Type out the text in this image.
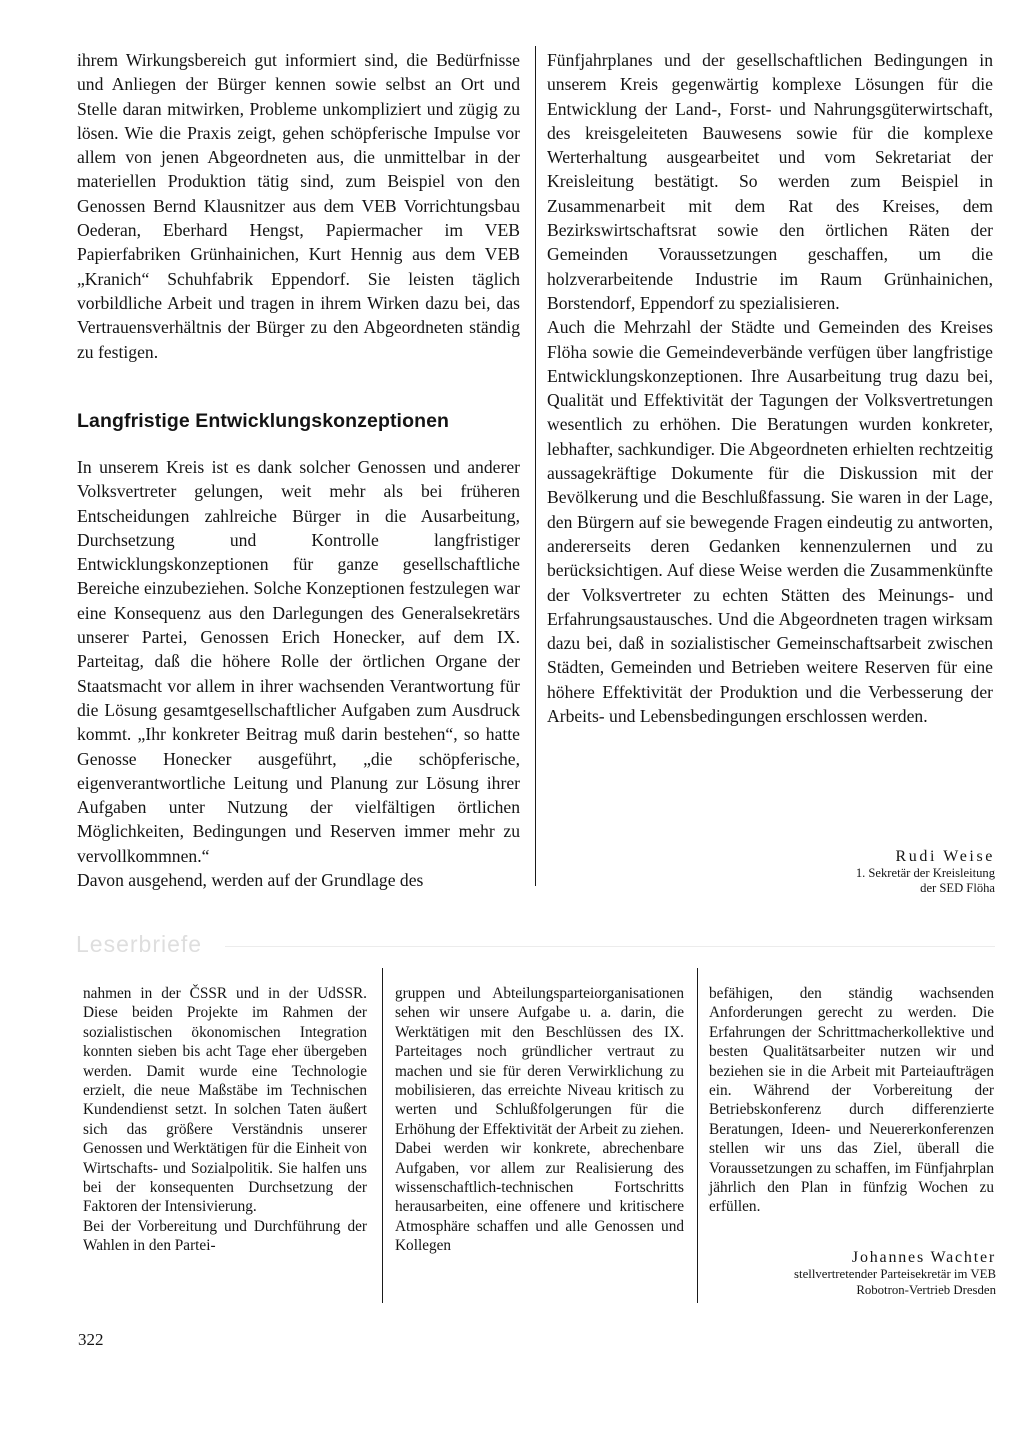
ihrem Wirkungsbereich gut informiert sind, die Bedürfnisse und Anliegen der Bürger kennen sowie selbst an Ort und Stelle daran mitwirken, Probleme unkompliziert und zügig zu lösen. Wie die Praxis zeigt, gehen schöpferische Impulse vor allem von jenen Abgeordneten aus, die unmittelbar in der materiellen Produktion tätig sind, zum Beispiel von den Genossen Bernd Klausnitzer aus dem VEB Vorrichtungsbau Oederan, Eberhard Hengst, Papiermacher im VEB Papierfabriken Grünhainichen, Kurt Hennig aus dem VEB „Kranich“ Schuhfabrik Eppendorf. Sie leisten täglich vorbildliche Arbeit und tragen in ihrem Wirken dazu bei, das Vertrauensverhältnis der Bürger zu den Abgeordneten ständig zu festigen.

Langfristige Entwicklungskonzeptionen

In unserem Kreis ist es dank solcher Genossen und anderer Volksvertreter gelungen, weit mehr als bei früheren Entscheidungen zahlreiche Bürger in die Ausarbeitung, Durchsetzung und Kontrolle langfristiger Entwicklungskonzeptionen für ganze gesellschaftliche Bereiche einzubeziehen. Solche Konzeptionen festzulegen war eine Konsequenz aus den Darlegungen des Generalsekretärs unserer Partei, Genossen Erich Honecker, auf dem IX. Parteitag, daß die höhere Rolle der örtlichen Organe der Staatsmacht vor allem in ihrer wachsenden Verantwortung für die Lösung gesamtgesellschaftlicher Aufgaben zum Ausdruck kommt. „Ihr konkreter Beitrag muß darin bestehen“, so hatte Genosse Honecker ausgeführt, „die schöpferische, eigenverantwortliche Leitung und Planung zur Lösung ihrer Aufgaben unter Nutzung der vielfältigen örtlichen Möglichkeiten, Bedingungen und Reserven immer mehr zu vervollkommnen.“

Davon ausgehend, werden auf der Grundlage des

Fünfjahrplanes und der gesellschaftlichen Bedingungen in unserem Kreis gegenwärtig komplexe Lösungen für die Entwicklung der Land-, Forst- und Nahrungsgüterwirtschaft, des kreisgeleiteten Bauwesens sowie für die komplexe Werterhaltung ausgearbeitet und vom Sekretariat der Kreisleitung bestätigt. So werden zum Beispiel in Zusammenarbeit mit dem Rat des Kreises, dem Bezirkswirtschaftsrat sowie den örtlichen Räten der Gemeinden Voraussetzungen geschaffen, um die holzverarbeitende Industrie im Raum Grünhainichen, Borstendorf, Eppendorf zu spezialisieren.

Auch die Mehrzahl der Städte und Gemeinden des Kreises Flöha sowie die Gemeindeverbände verfügen über langfristige Entwicklungskonzeptionen. Ihre Ausarbeitung trug dazu bei, Qualität und Effektivität der Tagungen der Volksvertretungen wesentlich zu erhöhen. Die Beratungen wurden konkreter, lebhafter, sachkundiger. Die Abgeordneten erhielten rechtzeitig aussagekräftige Dokumente für die Diskussion mit der Bevölkerung und die Beschlußfassung. Sie waren in der Lage, den Bürgern auf sie bewegende Fragen eindeutig zu antworten, andererseits deren Gedanken kennenzulernen und zu berücksichtigen. Auf diese Weise werden die Zusammenkünfte der Volksvertreter zu echten Stätten des Meinungs- und Erfahrungsaustausches. Und die Abgeordneten tragen wirksam dazu bei, daß in sozialistischer Gemeinschaftsarbeit zwischen Städten, Gemeinden und Betrieben weitere Reserven für eine höhere Effektivität der Produktion und die Verbesserung der Arbeits- und Lebensbedingungen erschlossen werden.

Rudi Weise

1. Sekretär der Kreisleitung

der SED Flöha

Leserbriefe

nahmen in der ČSSR und in der UdSSR. Diese beiden Projekte im Rahmen der sozialistischen ökonomischen Integration konnten sieben bis acht Tage eher übergeben werden. Damit wurde eine Technologie erzielt, die neue Maßstäbe im Technischen Kundendienst setzt. In solchen Taten äußert sich das größere Verständnis unserer Genossen und Werktätigen für die Einheit von Wirtschafts- und Sozialpolitik. Sie halfen uns bei der konsequenten Durchsetzung der Faktoren der Intensivierung.

Bei der Vorbereitung und Durchführung der Wahlen in den Partei-

gruppen und Abteilungsparteiorganisationen sehen wir unsere Aufgabe u. a. darin, die Werktätigen mit den Beschlüssen des IX. Parteitages noch gründlicher vertraut zu machen und sie für deren Verwirklichung zu mobilisieren, das erreichte Niveau kritisch zu werten und Schlußfolgerungen für die Erhöhung der Effektivität der Arbeit zu ziehen. Dabei werden wir konkrete, abrechenbare Aufgaben, vor allem zur Realisierung des wissenschaftlich-technischen Fortschritts herausarbeiten, eine offenere und kritischere Atmosphäre schaffen und alle Genossen und Kollegen

befähigen, den ständig wachsenden Anforderungen gerecht zu werden. Die Erfahrungen der Schrittmacherkollektive und besten Qualitätsarbeiter nutzen wir und beziehen sie in die Arbeit mit Parteiaufträgen ein. Während der Vorbereitung der Betriebskonferenz durch differenzierte Beratungen, Ideen- und Neuererkonferenzen stellen wir uns das Ziel, überall die Voraussetzungen zu schaffen, im Fünfjahrplan jährlich den Plan in fünfzig Wochen zu erfüllen.

Johannes Wachter

stellvertretender Parteisekretär im VEB

Robotron-Vertrieb Dresden

322
